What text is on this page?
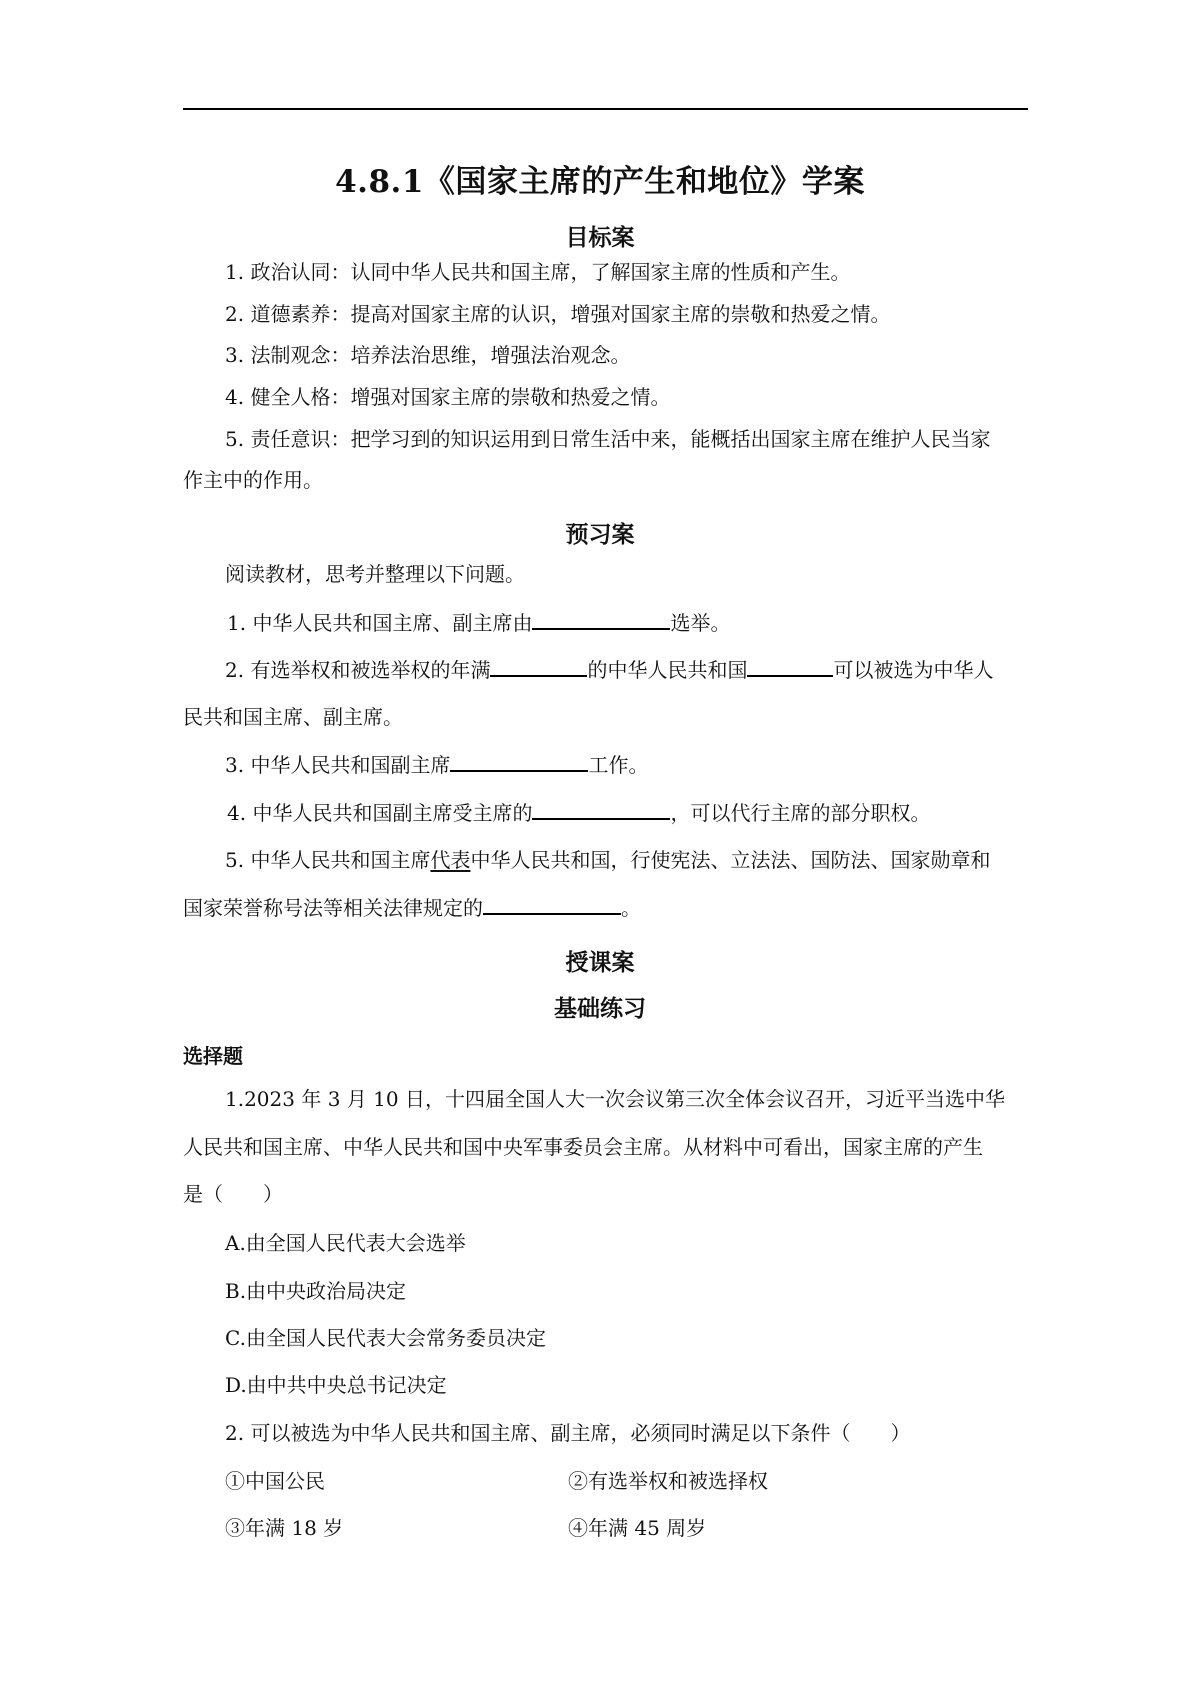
4.8.1《国家主席的产生和地位》学案
目标案
1. 政治认同：认同中华人民共和国主席，了解国家主席的性质和产生。
2. 道德素养：提高对国家主席的认识，增强对国家主席的崇敬和热爱之情。
3. 法制观念：培养法治思维，增强法治观念。
4. 健全人格：增强对国家主席的崇敬和热爱之情。
5. 责任意识：把学习到的知识运用到日常生活中来，能概括出国家主席在维护人民当家
作主中的作用。
预习案
阅读教材，思考并整理以下问题。
1. 中华人民共和国主席、副主席由	选举。
2. 有选举权和被选举权的年满	的中华人民共和国	可以被选为中华人
民共和国主席、副主席。
3. 中华人民共和国副主席	工作。
4. 中华人民共和国副主席受主席的	，可以代行主席的部分职权。
5. 中华人民共和国主席代表中华人民共和国，行使宪法、立法法、国防法、国家勋章和
国家荣誉称号法等相关法律规定的	。
授课案
基础练习
选择题
1.2023 年 3 月 10 日，十四届全国人大一次会议第三次全体会议召开，习近平当选中华
人民共和国主席、中华人民共和国中央军事委员会主席。从材料中可看出，国家主席的产生
是（　　）
A.由全国人民代表大会选举
B.由中央政治局决定
C.由全国人民代表大会常务委员决定
D.由中共中央总书记决定
2. 可以被选为中华人民共和国主席、副主席，必须同时满足以下条件（　　）
①中国公民	②有选举权和被选择权
③年满 18 岁	④年满 45 周岁
